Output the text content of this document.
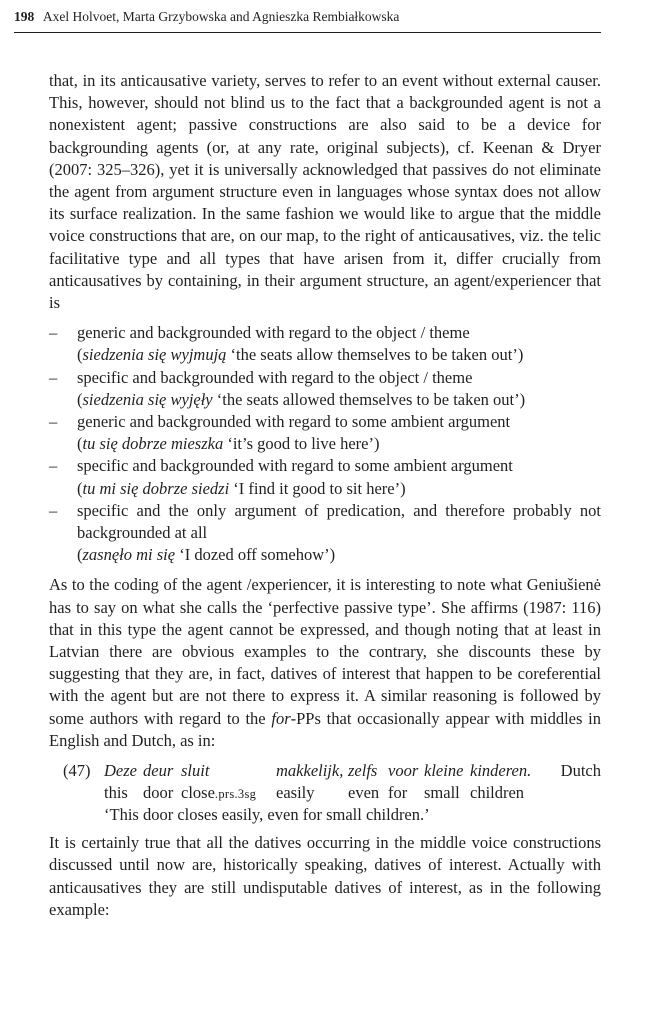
198 Axel Holvoet, Marta Grzybowska and Agnieszka Rembiałkowska

that, in its anticausative variety, serves to refer to an event without external causer. This, however, should not blind us to the fact that a backgrounded agent is not a nonexistent agent; passive constructions are also said to be a device for backgrounding agents (or, at any rate, original subjects), cf. Keenan & Dryer (2007: 325–326), yet it is universally acknowledged that passives do not eliminate the agent from argument structure even in languages whose syntax does not allow its surface realization. In the same fashion we would like to argue that the middle voice constructions that are, on our map, to the right of anticausatives, viz. the telic facilitative type and all types that have arisen from it, differ crucially from anticausatives by containing, in their argument structure, an agent/experiencer that is

– generic and backgrounded with regard to the object / theme
(siedzenia się wyjmują ‘the seats allow themselves to be taken out’)
– specific and backgrounded with regard to the object / theme
(siedzenia się wyjęły ‘the seats allowed themselves to be taken out’)
– generic and backgrounded with regard to some ambient argument
(tu się dobrze mieszka ‘it’s good to live here’)
– specific and backgrounded with regard to some ambient argument
(tu mi się dobrze siedzi ‘I find it good to sit here’)
– specific and the only argument of predication, and therefore probably not backgrounded at all
(zasnęło mi się ‘I dozed off somehow’)

As to the coding of the agent /experiencer, it is interesting to note what Geniušienė has to say on what she calls the ‘perfective passive type’. She affirms (1987: 116) that in this type the agent cannot be expressed, and though noting that at least in Latvian there are obvious examples to the contrary, she discounts these by suggesting that they are, in fact, datives of interest that happen to be coreferential with the agent but are not there to express it. A similar reasoning is followed by some authors with regard to the for-PPs that occasionally appear with middles in English and Dutch, as in:

(47)	Dutch
Deze deur sluit	makkelijk, zelfs voor kleine kinderen.
this door close.prs.3sg easily even for small children
‘This door closes easily, even for small children.’

It is certainly true that all the datives occurring in the middle voice constructions discussed until now are, historically speaking, datives of interest. Actually with anticausatives they are still undisputable datives of interest, as in the following example:
